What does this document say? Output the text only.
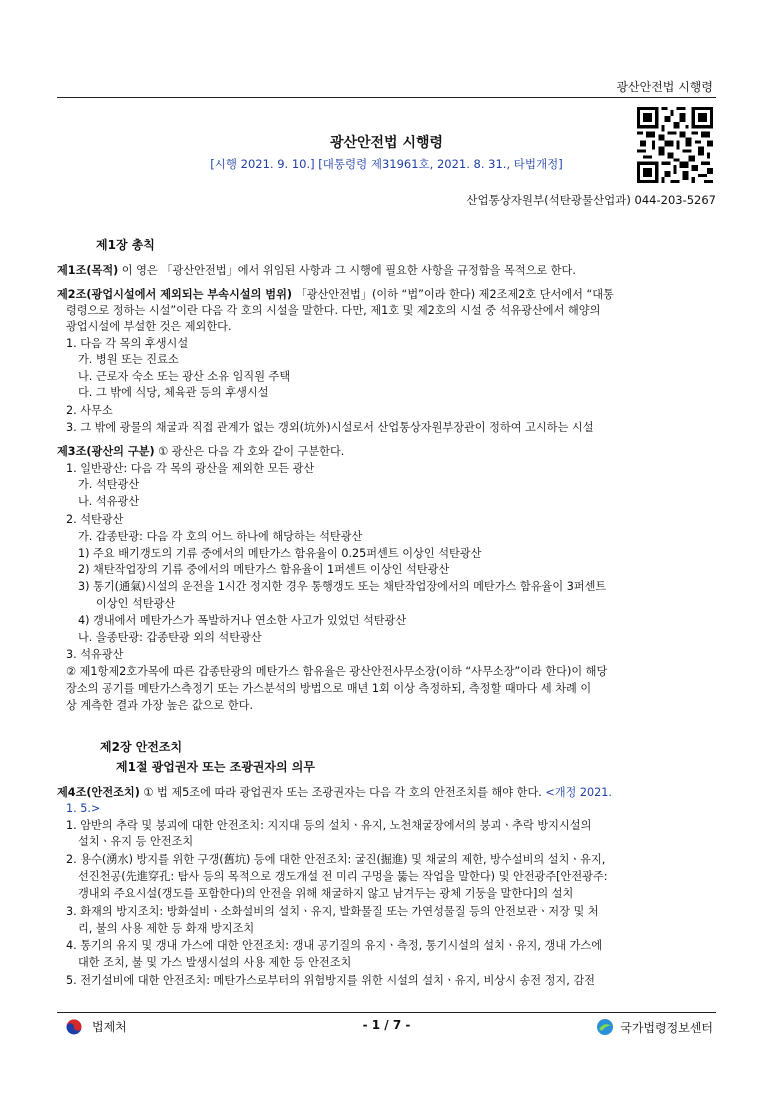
광산안전법 시행령
광산안전법 시행령
[시행 2021. 9. 10.] [대통령령 제31961호, 2021. 8. 31., 타법개정]
산업통상자원부(석탄광물산업과) 044-203-5267
제1장 총칙
제1조(목적) 이 영은 「광산안전법」에서 위임된 사항과 그 시행에 필요한 사항을 규정함을 목적으로 한다.
제2조(광업시설에서 제외되는 부속시설의 범위) 「광산안전법」(이하 “법”이라 한다) 제2조제2호 단서에서 “대통
령령으로 정하는 시설”이란 다음 각 호의 시설을 말한다. 다만, 제1호 및 제2호의 시설 중 석유광산에서 해양의
광업시설에 부설한 것은 제외한다.
1. 다음 각 목의 후생시설
가. 병원 또는 진료소
나. 근로자 숙소 또는 광산 소유 임직원 주택
다. 그 밖에 식당, 체육관 등의 후생시설
2. 사무소
3. 그 밖에 광물의 채굴과 직접 관계가 없는 갱외(坑外)시설로서 산업통상자원부장관이 정하여 고시하는 시설
제3조(광산의 구분) ① 광산은 다음 각 호와 같이 구분한다.
1. 일반광산: 다음 각 목의 광산을 제외한 모든 광산
가. 석탄광산
나. 석유광산
2. 석탄광산
가. 갑종탄광: 다음 각 호의 어느 하나에 해당하는 석탄광산
1) 주요 배기갱도의 기류 중에서의 메탄가스 함유율이 0.25퍼센트 이상인 석탄광산
2) 채탄작업장의 기류 중에서의 메탄가스 함유율이 1퍼센트 이상인 석탄광산
3) 통기(通氣)시설의 운전을 1시간 정지한 경우 통행갱도 또는 채탄작업장에서의 메탄가스 함유율이 3퍼센트
이상인 석탄광산
4) 갱내에서 메탄가스가 폭발하거나 연소한 사고가 있었던 석탄광산
나. 을종탄광: 갑종탄광 외의 석탄광산
3. 석유광산
② 제1항제2호가목에 따른 갑종탄광의 메탄가스 함유율은 광산안전사무소장(이하 “사무소장”이라 한다)이 해당
장소의 공기를 메탄가스측정기 또는 가스분석의 방법으로 매년 1회 이상 측정하되, 측정할 때마다 세 차례 이
상 계측한 결과 가장 높은 값으로 한다.
제2장 안전조치
제1절 광업권자 또는 조광권자의 의무
제4조(안전조치) ① 법 제5조에 따라 광업권자 또는 조광권자는 다음 각 호의 안전조치를 해야 한다. <개정 2021.
1. 5.>
1. 암반의 추락 및 붕괴에 대한 안전조치: 지지대 등의 설치ㆍ유지, 노천채굴장에서의 붕괴ㆍ추락 방지시설의
설치ㆍ유지 등 안전조치
2. 용수(湧水) 방지를 위한 구갱(舊坑) 등에 대한 안전조치: 굴진(掘進) 및 채굴의 제한, 방수설비의 설치ㆍ유지,
선진천공(先進穿孔: 탐사 등의 목적으로 갱도개설 전 미리 구멍을 뚫는 작업을 말한다) 및 안전광주[안전광주:
갱내외 주요시설(갱도를 포함한다)의 안전을 위해 채굴하지 않고 남겨두는 광체 기둥을 말한다]의 설치
3. 화재의 방지조치: 방화설비ㆍ소화설비의 설치ㆍ유지, 발화물질 또는 가연성물질 등의 안전보관ㆍ저장 및 처
리, 불의 사용 제한 등 화재 방지조치
4. 통기의 유지 및 갱내 가스에 대한 안전조치: 갱내 공기질의 유지ㆍ측정, 통기시설의 설치ㆍ유지, 갱내 가스에
대한 조치, 불 및 가스 발생시설의 사용 제한 등 안전조치
5. 전기설비에 대한 안전조치: 메탄가스로부터의 위험방지를 위한 시설의 설치ㆍ유지, 비상시 송전 정지, 감전
법제처	- 1 / 7 -	국가법령정보센터
